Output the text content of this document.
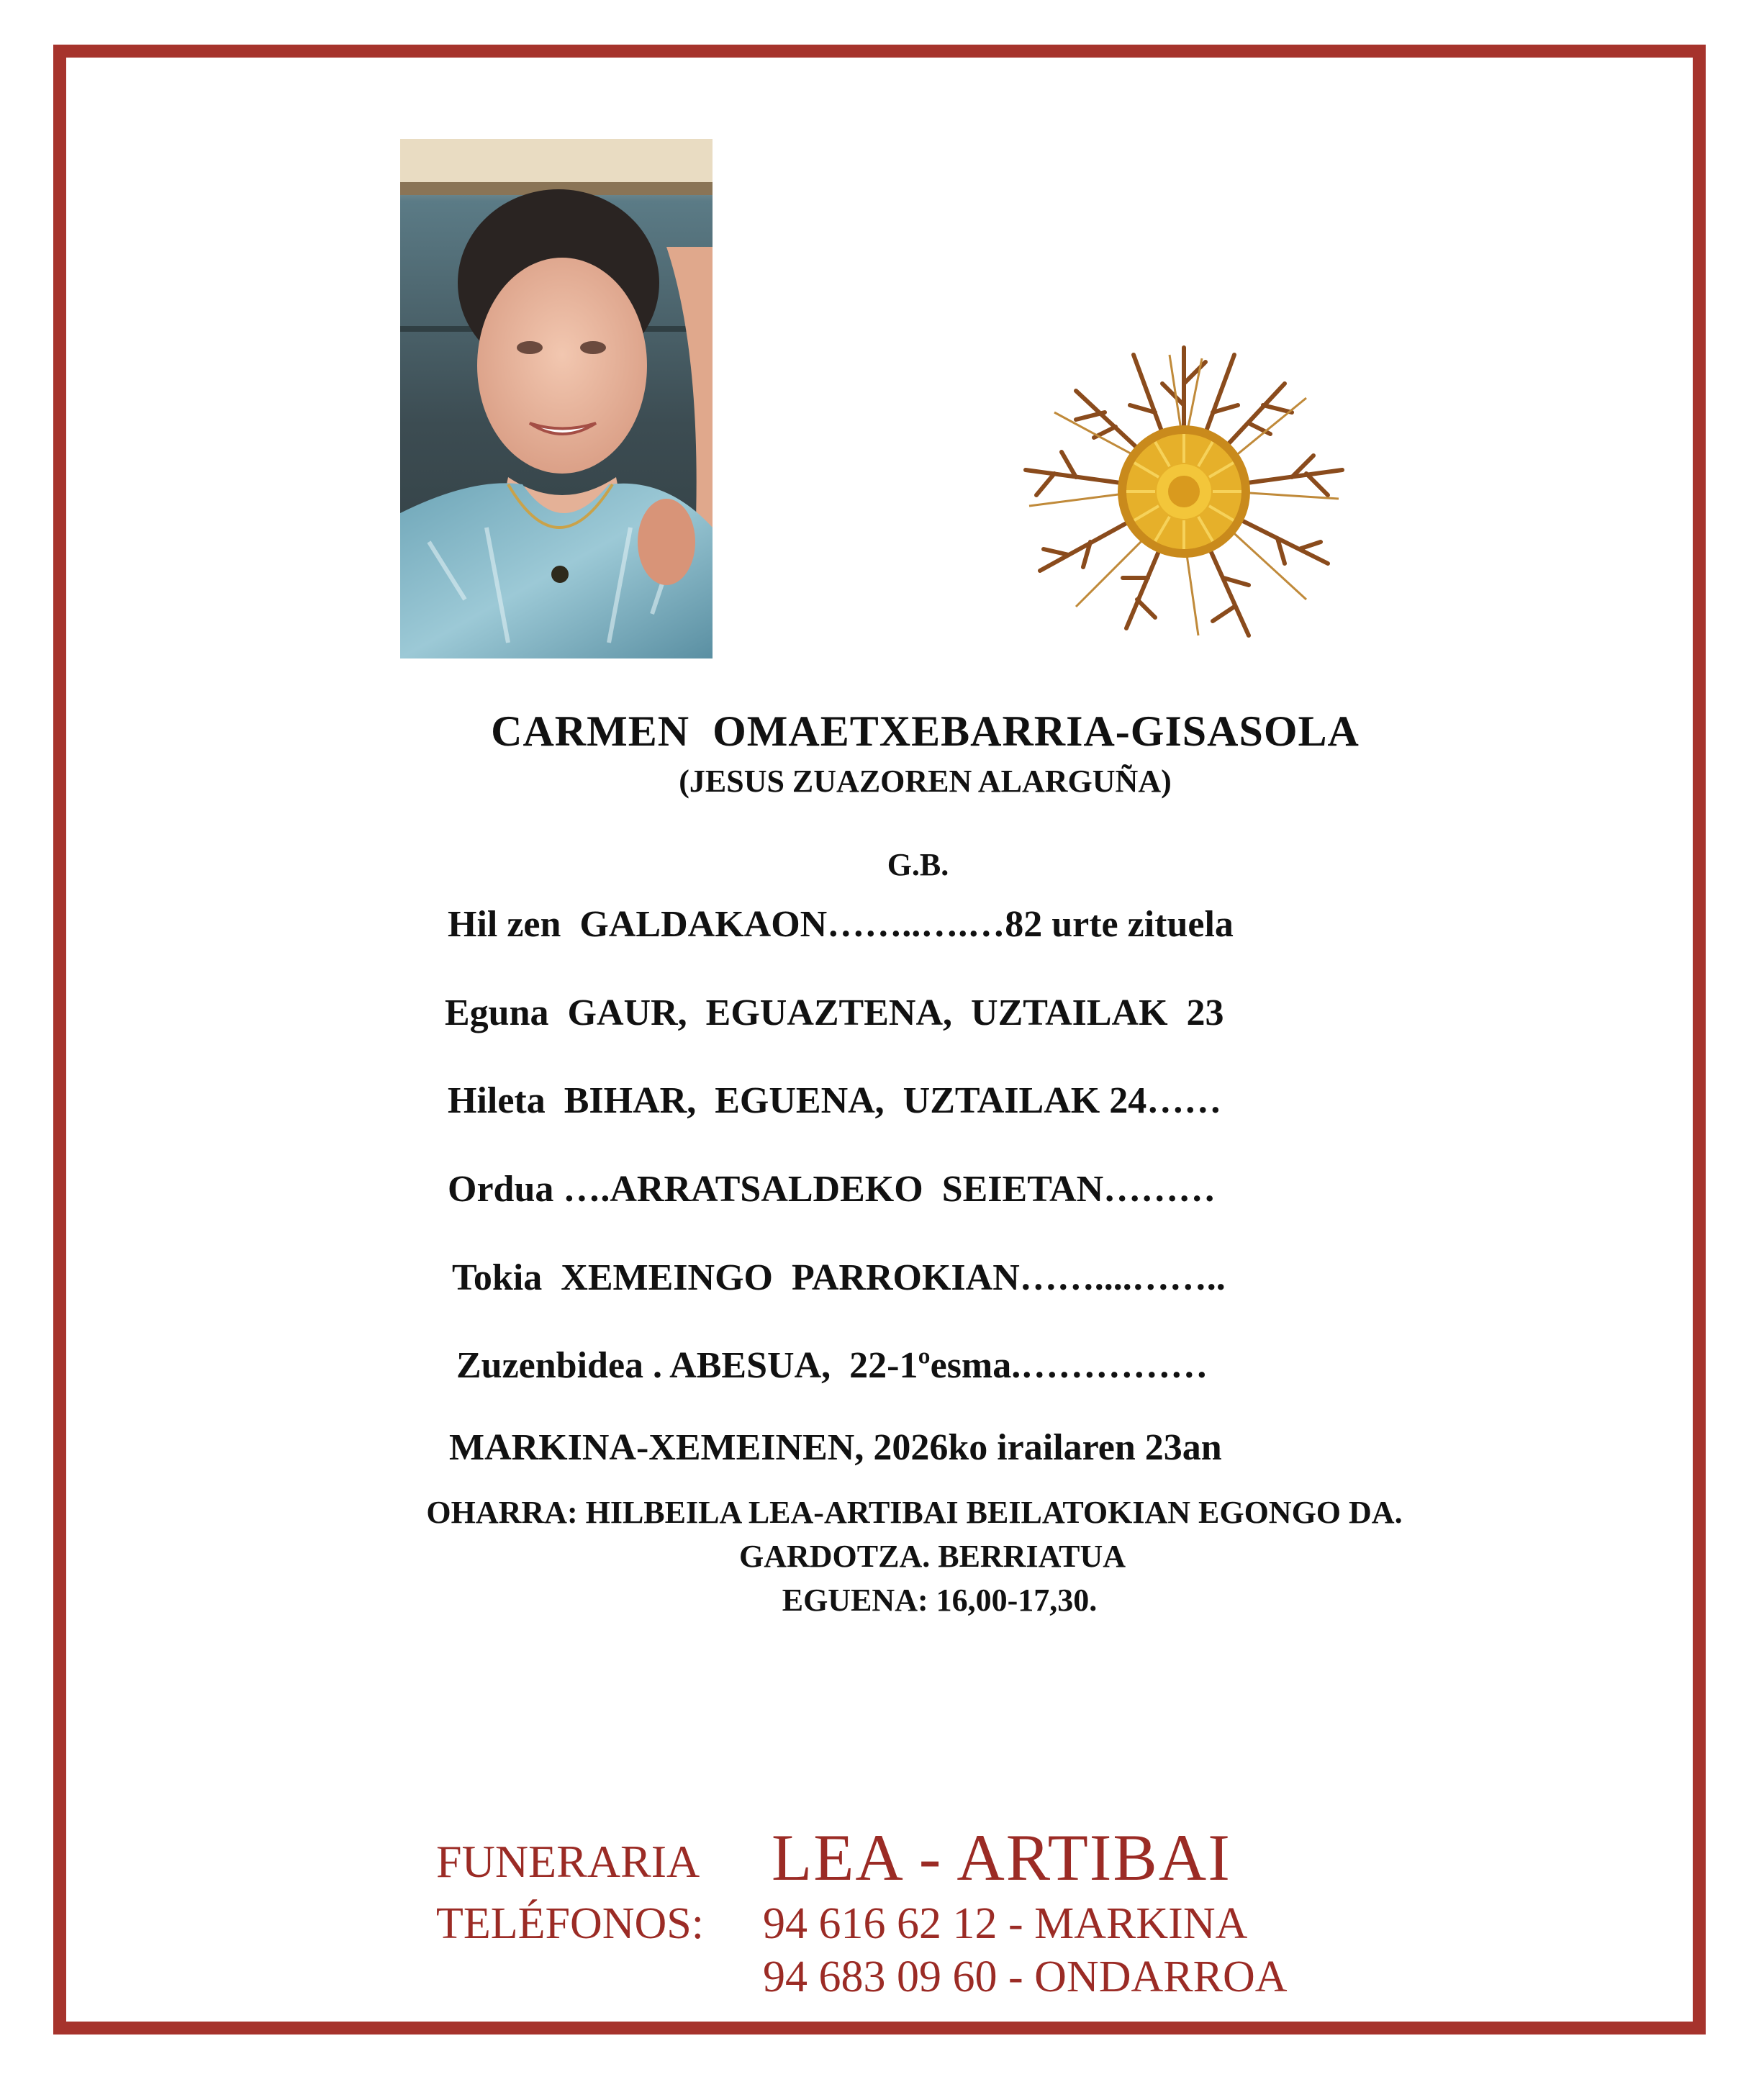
CARMEN  OMAETXEBARRIA-GISASOLA

(JESUS ZUAZOREN ALARGUÑA)

G.B.

Hil zen  GALDAKAON……..….…82 urte zituela

Eguna  GAUR,  EGUAZTENA,  UZTAILAK  23

Hileta  BIHAR,  EGUENA,  UZTAILAK 24……

Ordua ….ARRATSALDEKO  SEIETAN………

Tokia  XEMEINGO  PARROKIAN……....……..

Zuzenbidea . ABESUA,  22-1ºesma.……………

MARKINA-XEMEINEN, 2026ko irailaren 23an

OHARRA: HILBEILA LEA-ARTIBAI BEILATOKIAN EGONGO DA.

GARDOTZA. BERRIATUA

EGUENA: 16,00-17,30.

FUNERARIA LEA - ARTIBAI

TELÉFONOS: 94 616 62 12 - MARKINA

94 683 09 60 - ONDARROA
